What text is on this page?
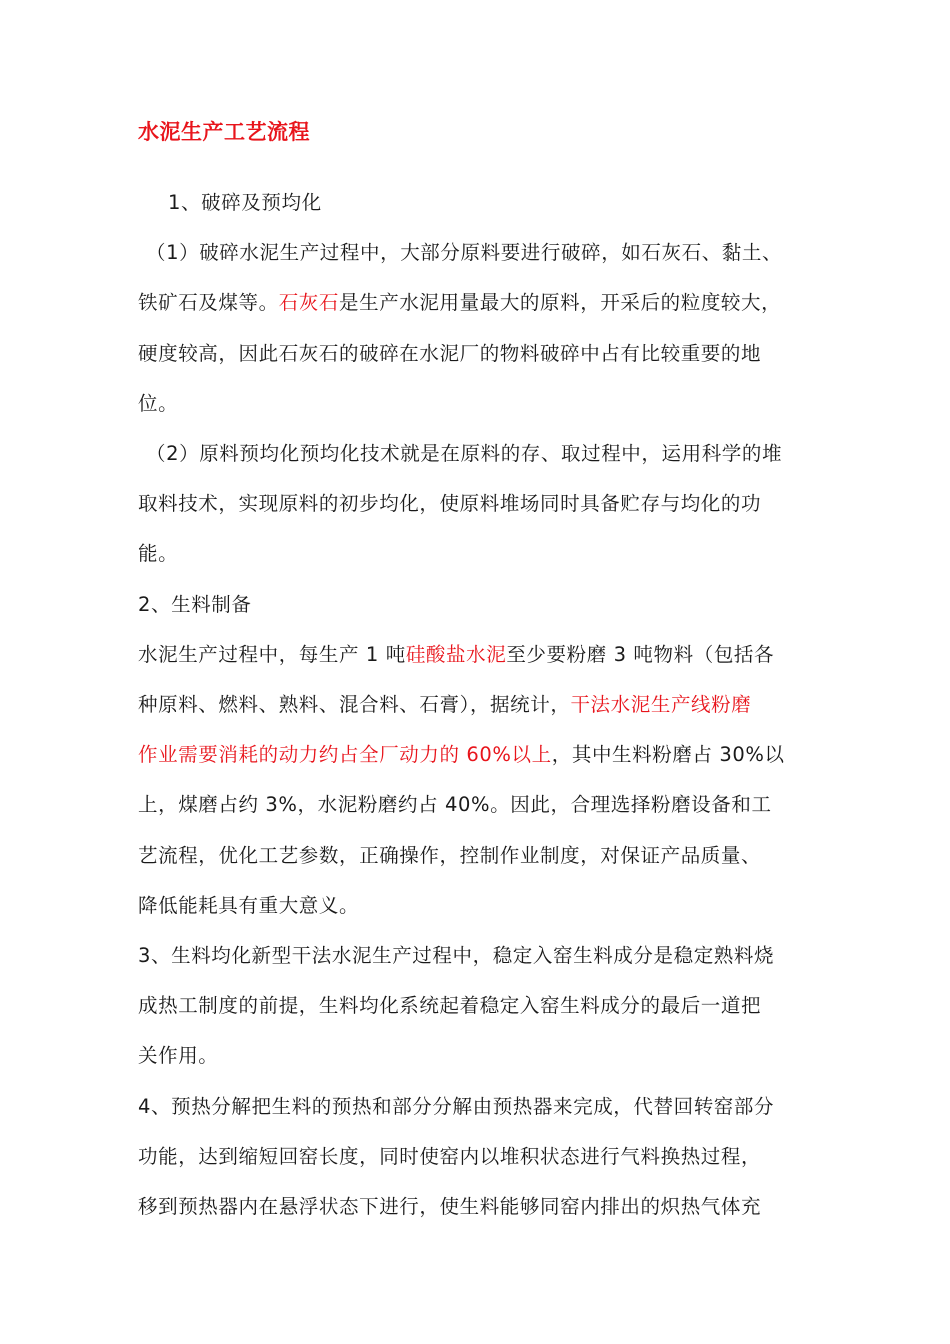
水泥生产工艺流程

1、破碎及预均化

（1）破碎水泥生产过程中，大部分原料要进行破碎，如石灰石、黏土、

铁矿石及煤等。石灰石是生产水泥用量最大的原料，开采后的粒度较大，

硬度较高，因此石灰石的破碎在水泥厂的物料破碎中占有比较重要的地

位。

（2）原料预均化预均化技术就是在原料的存、取过程中，运用科学的堆

取料技术，实现原料的初步均化，使原料堆场同时具备贮存与均化的功

能。

2、生料制备

水泥生产过程中，每生产 1 吨硅酸盐水泥至少要粉磨 3 吨物料（包括各

种原料、燃料、熟料、混合料、石膏），据统计，干法水泥生产线粉磨

作业需要消耗的动力约占全厂动力的 60%以上，其中生料粉磨占 30%以

上，煤磨占约 3%，水泥粉磨约占 40%。因此，合理选择粉磨设备和工

艺流程，优化工艺参数，正确操作，控制作业制度，对保证产品质量、

降低能耗具有重大意义。

3、生料均化新型干法水泥生产过程中，稳定入窑生料成分是稳定熟料烧

成热工制度的前提，生料均化系统起着稳定入窑生料成分的最后一道把

关作用。

4、预热分解把生料的预热和部分分解由预热器来完成，代替回转窑部分

功能，达到缩短回窑长度，同时使窑内以堆积状态进行气料换热过程，

移到预热器内在悬浮状态下进行，使生料能够同窑内排出的炽热气体充
